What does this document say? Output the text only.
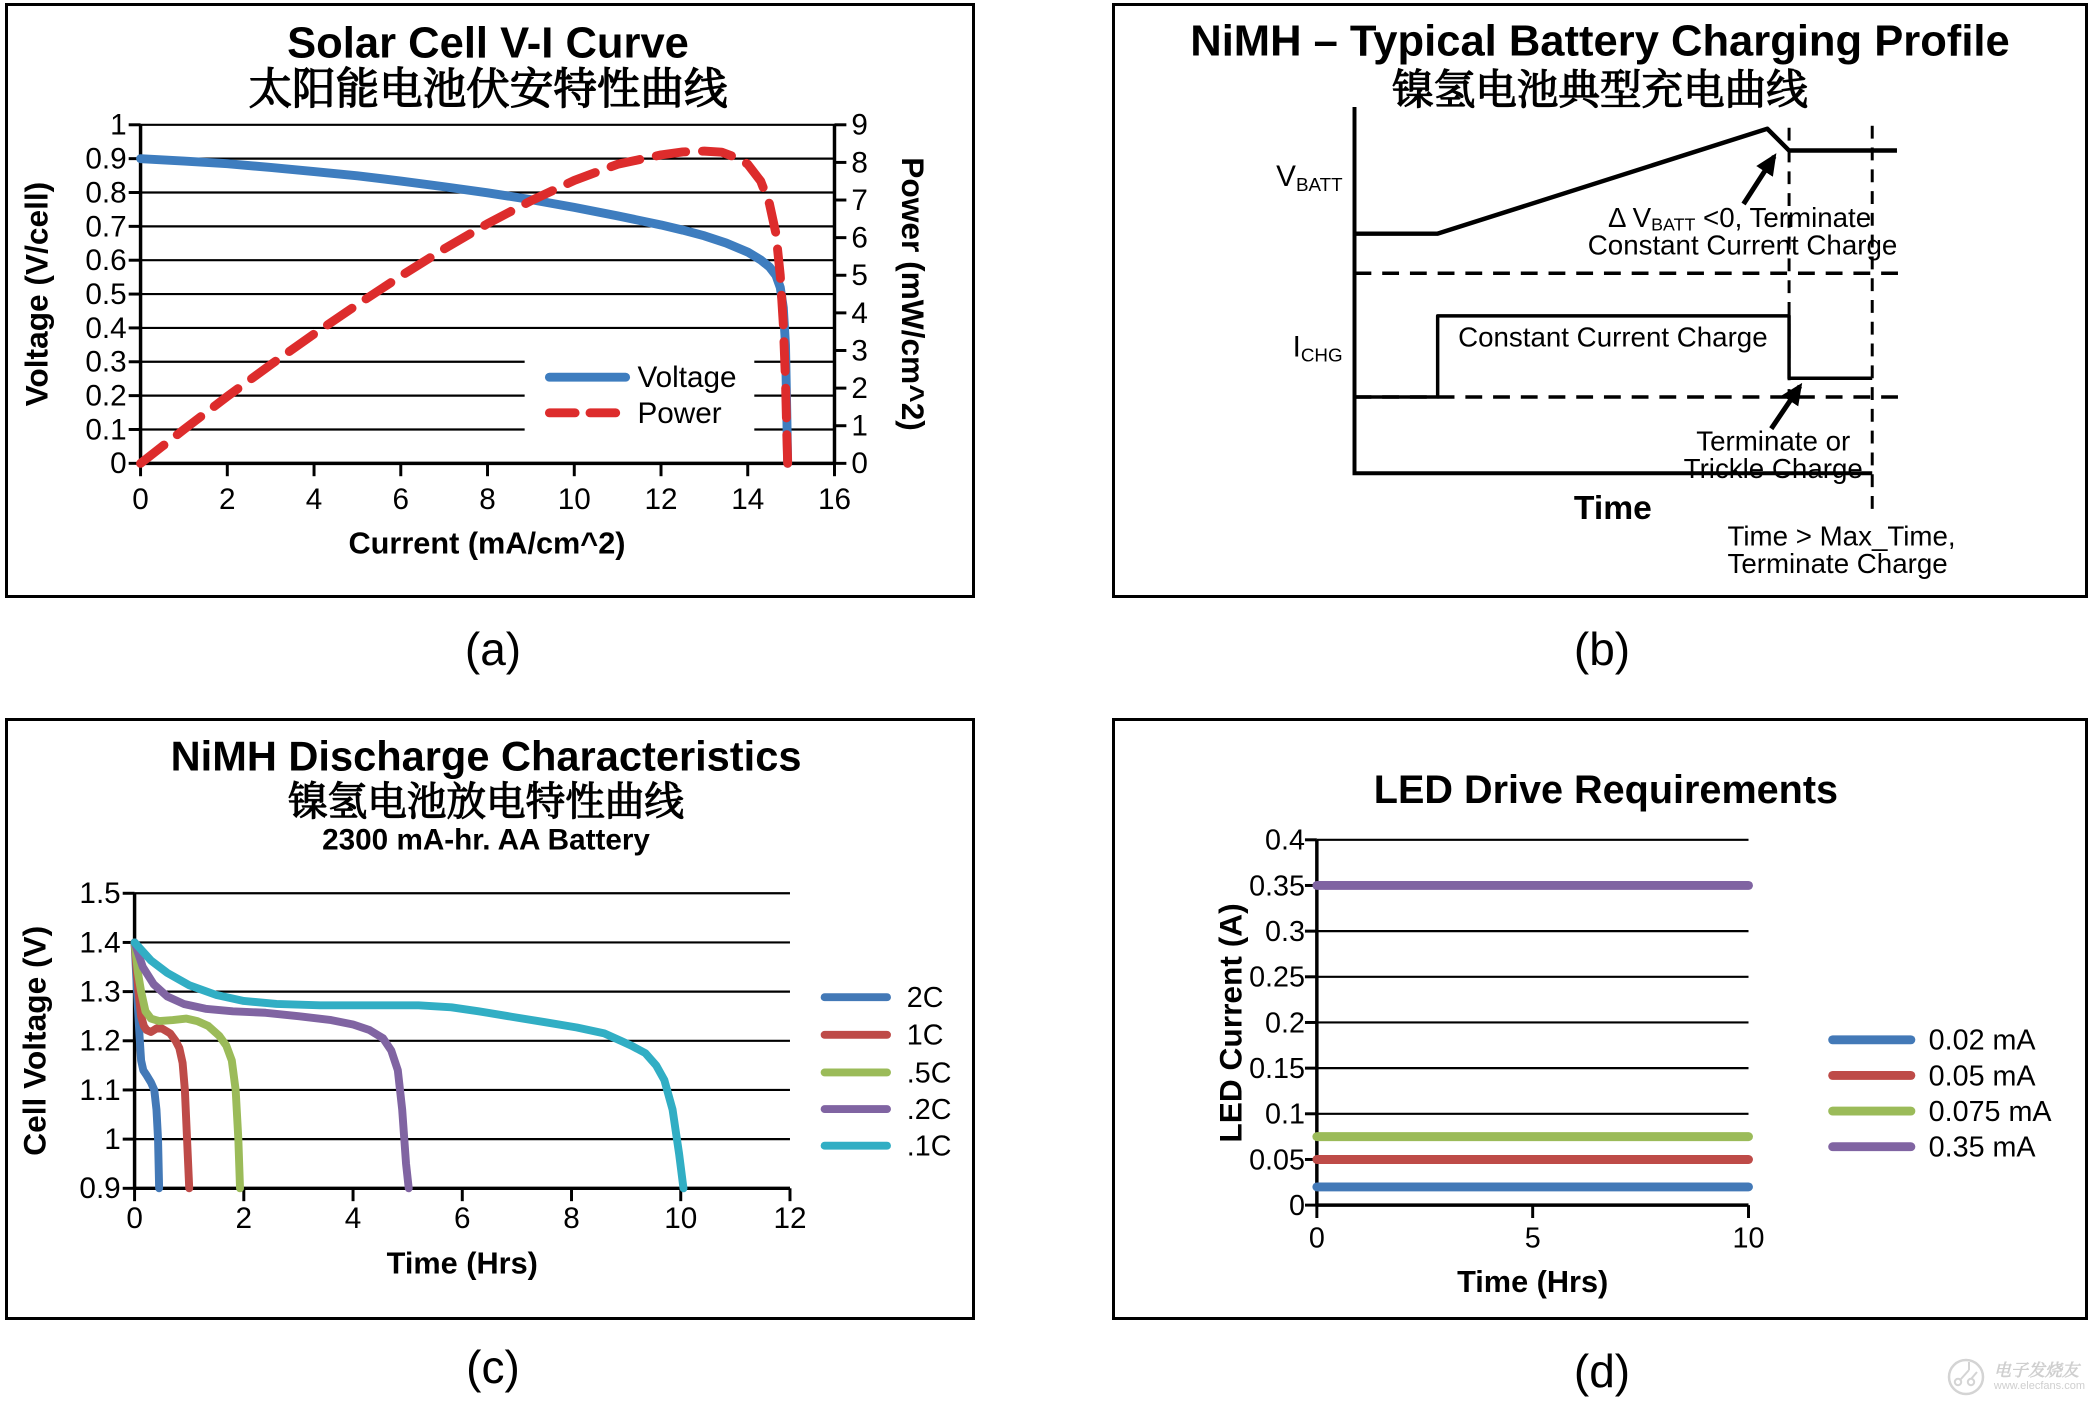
1
0.9
0.8
0.7
0.6
0.5
0.4
0.3
0.2
0.1
0
9
8
7
6
5
4
3
2
1
0
0 2 4 6 8 10 12 14 16
Current (mA/cm^2)
Voltage (V/cell)	Power (mW/cm^2)
Voltage
Power
Solar Cell V-I Curve
太阳能电池伏安特性曲线
NiMH – Typical Battery Charging Profile
镍氢电池典型充电曲线
VBATT
ICHG
Constant Current Charge
Δ VBATT <0, Terminate
Constant Current Charge
Terminate or
Trickle Charge
Time
Time > Max_Time,
Terminate Charge
1.5
1.4
1.3
1.2
1.1
1
0.9
0	2	4	6	8	10	12
Time (Hrs)
Cell Voltage (V)	2C
1C
.5C
.2C
.1C
NiMH Discharge Characteristics
镍氢电池放电特性曲线
2300 mA-hr. AA Battery	0.4
0.35
0.3
0.25
0.2
0.15
0.1
0.05
0
0	5	10
Time (Hrs)
LED Current (A)	0.02 mA
0.05 mA
0.075 mA
0.35 mA
LED Drive Requirements
(a)	(b)
(c)	(d)	电子发烧友
www.elecfans.com
